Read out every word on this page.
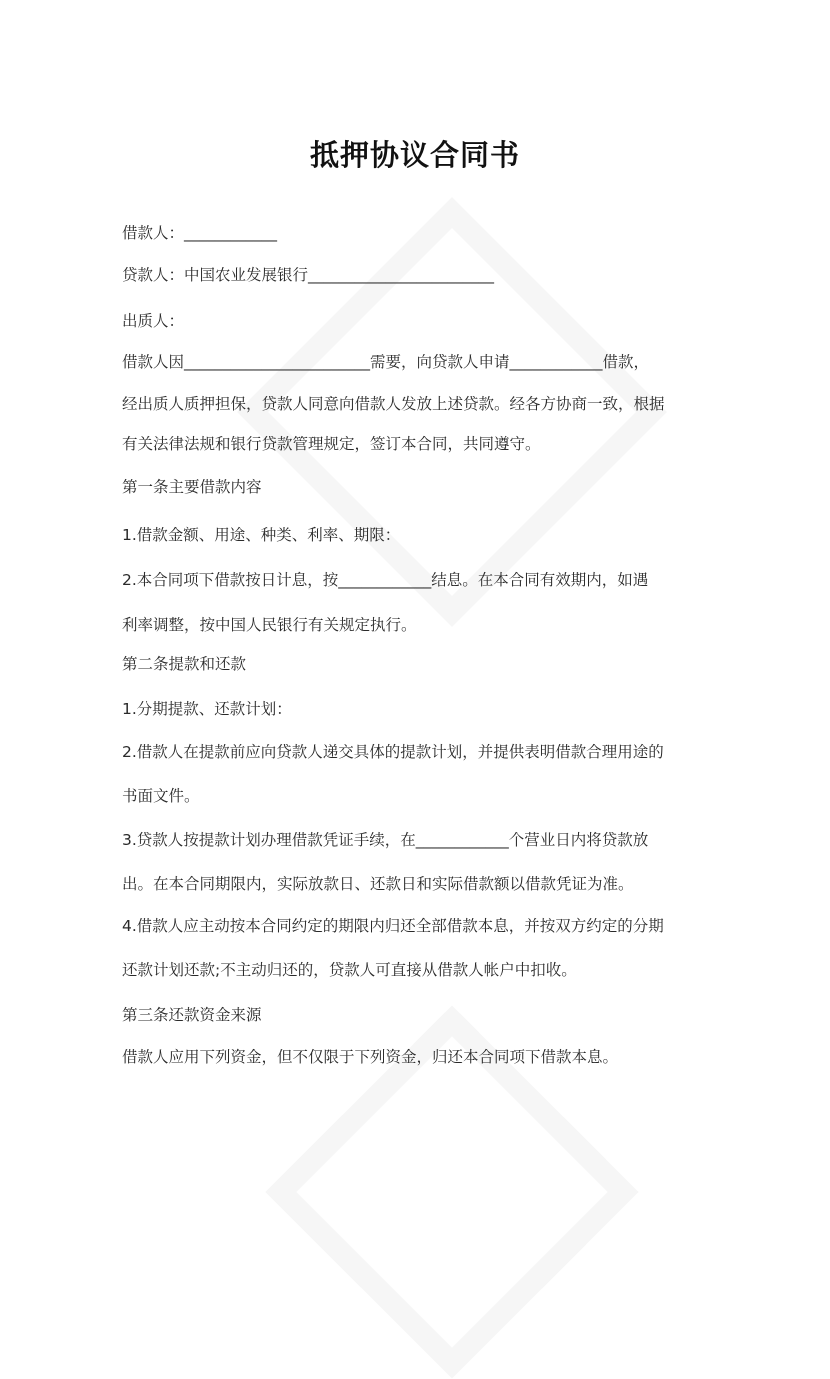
抵押协议合同书
借款人：____________
贷款人：中国农业发展银行________________________
出质人：
借款人因________________________需要，向贷款人申请____________借款，
经出质人质押担保，贷款人同意向借款人发放上述贷款。经各方协商一致，根据
有关法律法规和银行贷款管理规定，签订本合同，共同遵守。
第一条主要借款内容
1.借款金额、用途、种类、利率、期限：
2.本合同项下借款按日计息，按____________结息。在本合同有效期内，如遇
利率调整，按中国人民银行有关规定执行。
第二条提款和还款
1.分期提款、还款计划：
2.借款人在提款前应向贷款人递交具体的提款计划，并提供表明借款合理用途的
书面文件。
3.贷款人按提款计划办理借款凭证手续，在____________个营业日内将贷款放
出。在本合同期限内，实际放款日、还款日和实际借款额以借款凭证为准。
4.借款人应主动按本合同约定的期限内归还全部借款本息，并按双方约定的分期
还款计划还款;不主动归还的，贷款人可直接从借款人帐户中扣收。
第三条还款资金来源
借款人应用下列资金，但不仅限于下列资金，归还本合同项下借款本息。
